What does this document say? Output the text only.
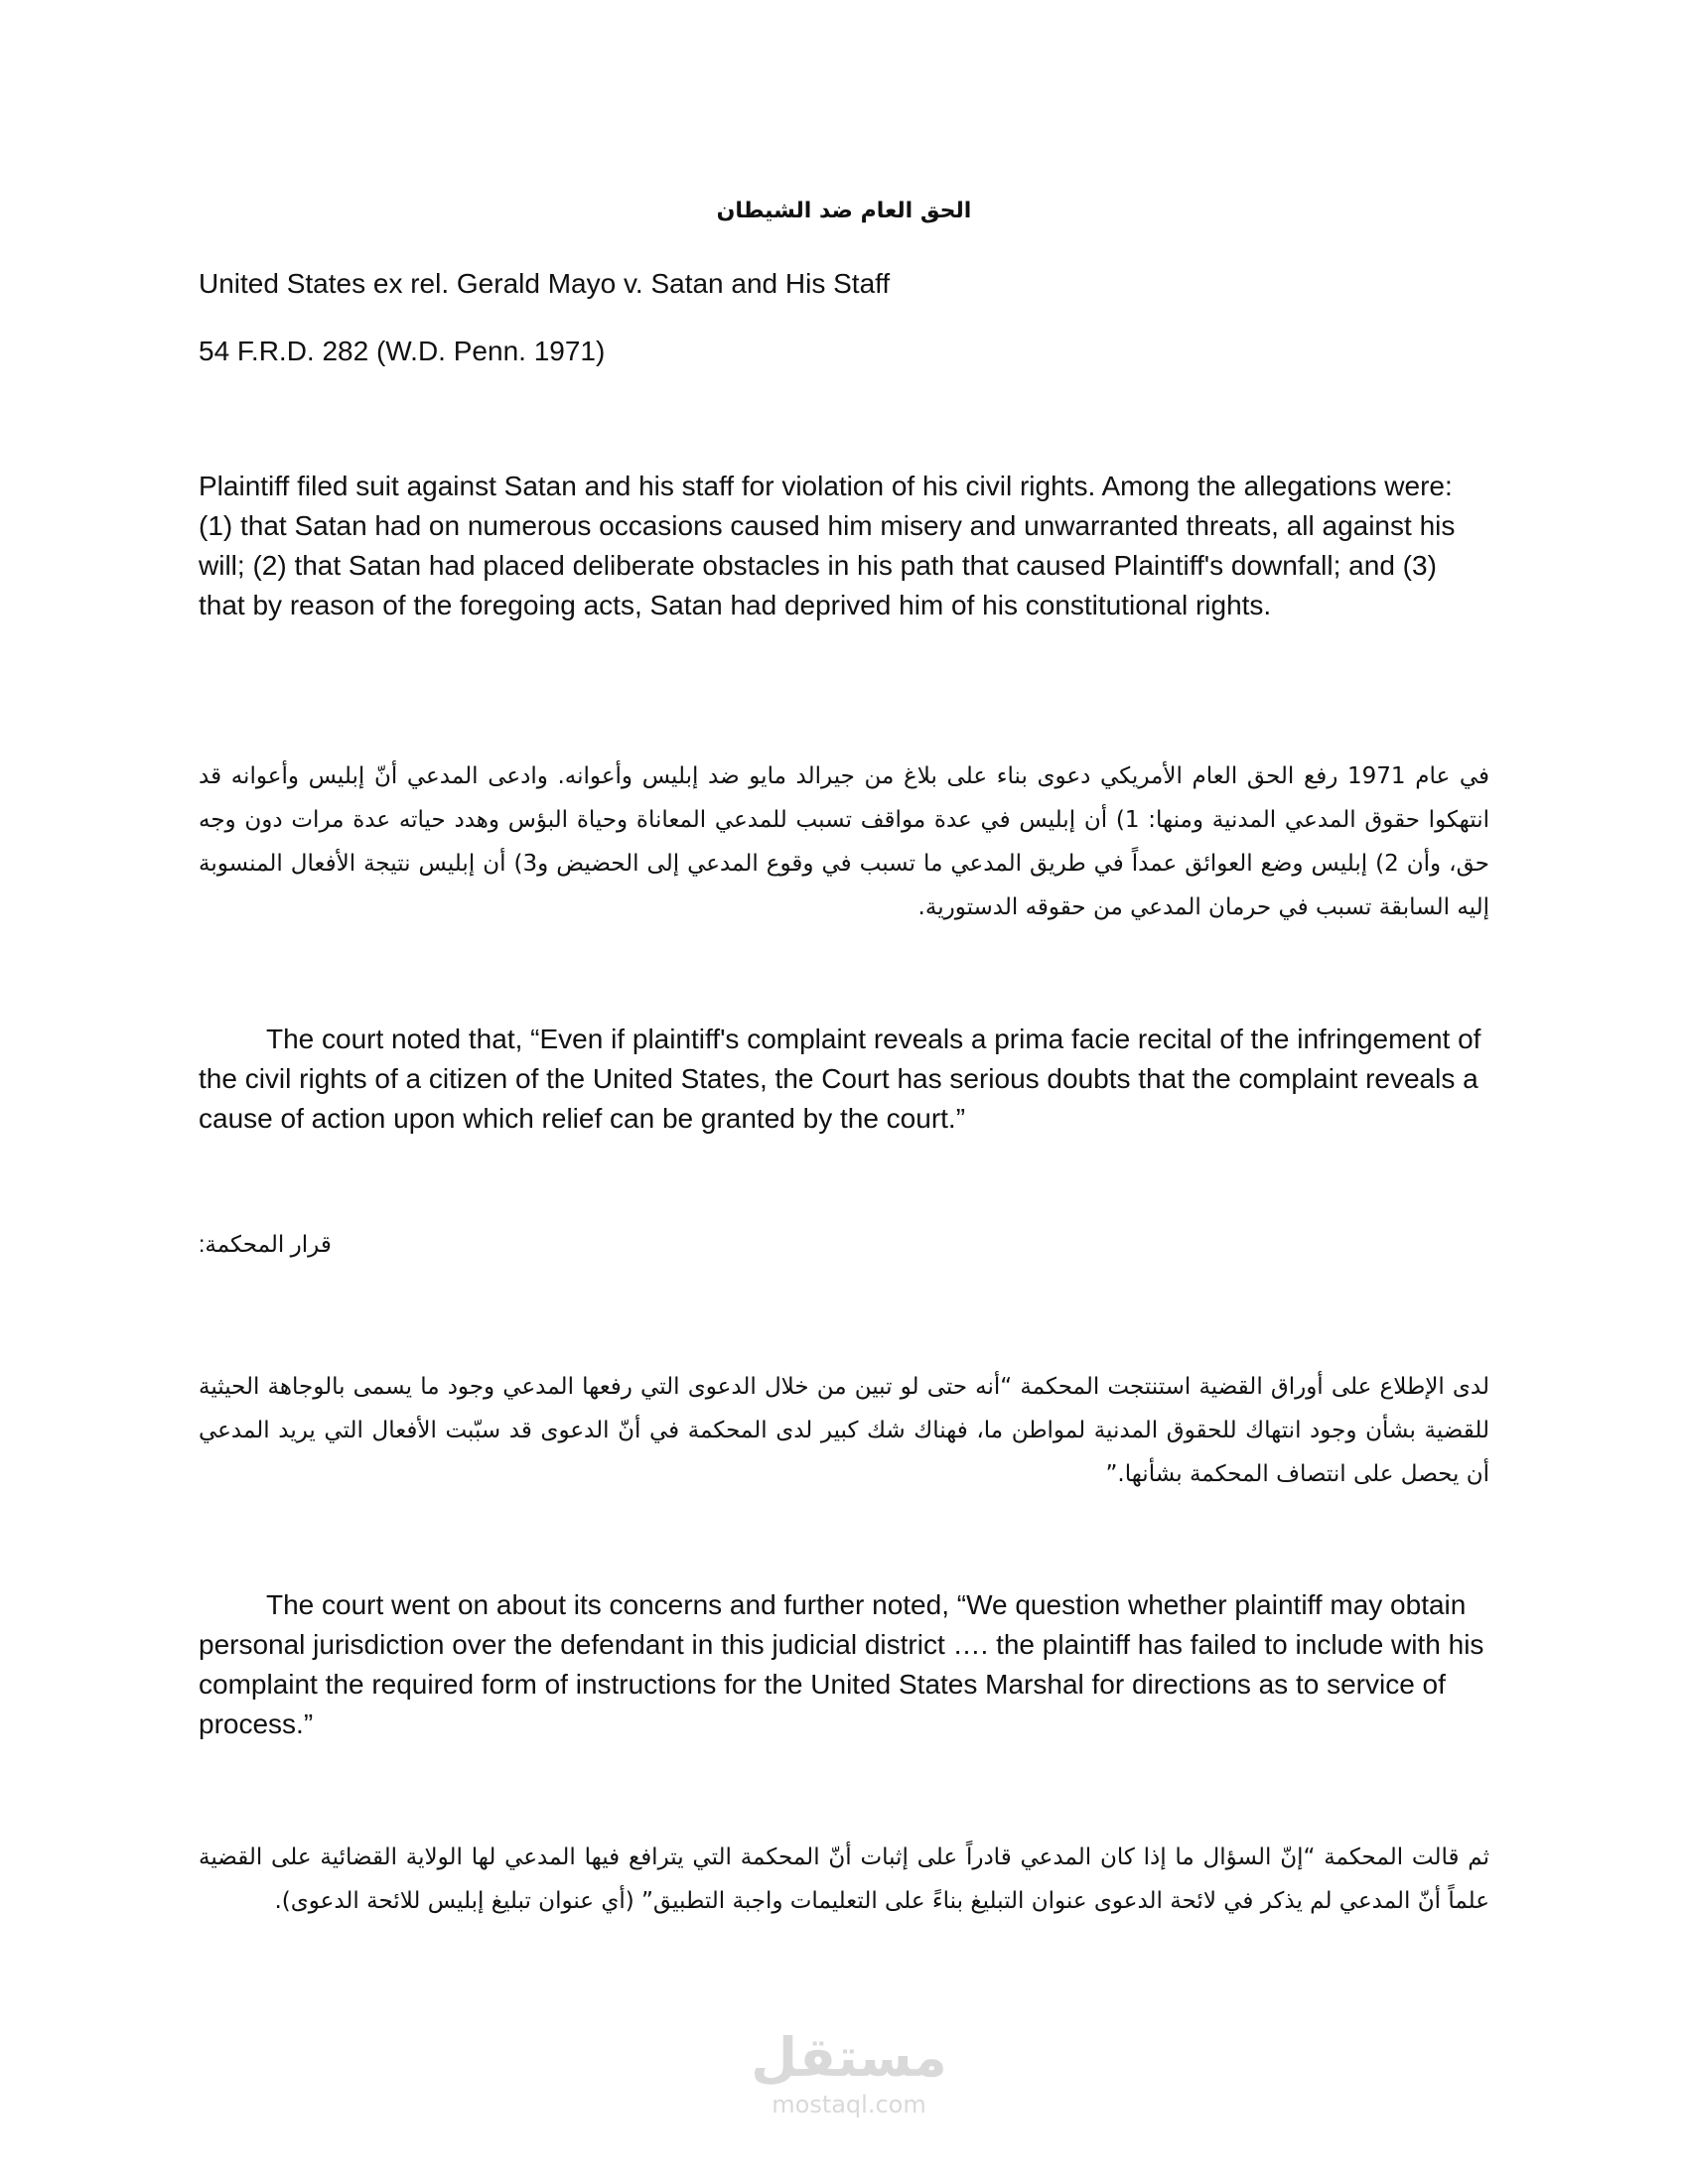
الحق العام ضد الشيطان

United States ex rel. Gerald Mayo v. Satan and His Staff

54 F.R.D. 282 (W.D. Penn. 1971)

Plaintiff filed suit against Satan and his staff for violation of his civil rights. Among the allegations were: (1) that Satan had on numerous occasions caused him misery and unwarranted threats, all against his will; (2) that Satan had placed deliberate obstacles in his path that caused Plaintiff's downfall; and (3) that by reason of the foregoing acts, Satan had deprived him of his constitutional rights.

في عام 1971 رفع الحق العام الأمريكي دعوى بناء على بلاغ من جيرالد مايو ضد إبليس وأعوانه. وادعى المدعي أنّ إبليس وأعوانه قد انتهكوا حقوق المدعي المدنية ومنها: 1) أن إبليس في عدة مواقف تسبب للمدعي المعاناة وحياة البؤس وهدد حياته عدة مرات دون وجه حق، وأن 2) إبليس وضع العوائق عمداً في طريق المدعي ما تسبب في وقوع المدعي إلى الحضيض و3) أن إبليس نتيجة الأفعال المنسوبة إليه السابقة تسبب في حرمان المدعي من حقوقه الدستورية.

The court noted that, “Even if plaintiff's complaint reveals a prima facie recital of the infringement of the civil rights of a citizen of the United States, the Court has serious doubts that the complaint reveals a cause of action upon which relief can be granted by the court.”

قرار المحكمة:

لدى الإطلاع على أوراق القضية استنتجت المحكمة “أنه حتى لو تبين من خلال الدعوى التي رفعها المدعي وجود ما يسمى بالوجاهة الحيثية للقضية بشأن وجود انتهاك للحقوق المدنية لمواطن ما، فهناك شك كبير لدى المحكمة في أنّ الدعوى قد سبّبت الأفعال التي يريد المدعي أن يحصل على انتصاف المحكمة بشأنها.”

The court went on about its concerns and further noted, “We question whether plaintiff may obtain personal jurisdiction over the defendant in this judicial district …. the plaintiff has failed to include with his complaint the required form of instructions for the United States Marshal for directions as to service of process.”

ثم قالت المحكمة “إنّ السؤال ما إذا كان المدعي قادراً على إثبات أنّ المحكمة التي يترافع فيها المدعي لها الولاية القضائية على القضية علماً أنّ المدعي لم يذكر في لائحة الدعوى عنوان التبليغ بناءً على التعليمات واجبة التطبيق” (أي عنوان تبليغ إبليس للائحة الدعوى).

مستقل
mostaql.com
